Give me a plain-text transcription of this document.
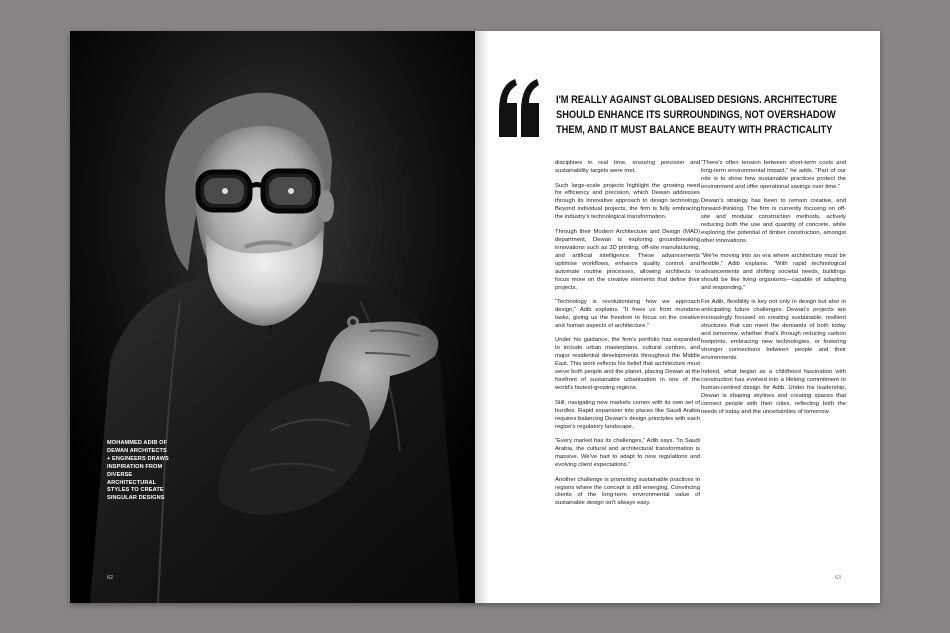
MOHAMMED ADIB OF DEWAN ARCHITECTS + ENGINEERS DRAWS INSPIRATION FROM DIVERSE ARCHITECTURAL STYLES TO CREATE SINGULAR DESIGNS
62
I'M REALLY AGAINST GLOBALISED DESIGNS. ARCHITECTURE SHOULD ENHANCE ITS SURROUNDINGS, NOT OVERSHADOW THEM, AND IT MUST BALANCE BEAUTY WITH PRACTICALITY

disciplines in real time, ensuring precision and sustainability targets were met.

Such large-scale projects highlight the growing need for efficiency and precision, which Dewan addresses through its innovative approach to design technology. Beyond individual projects, the firm is fully embracing the industry's technological transformation.

Through their Modern Architecture and Design (MAD) department, Dewan is exploring groundbreaking innovations such as 3D printing, off-site manufacturing, and artificial intelligence. These advancements optimise workflows, enhance quality control, and automate routine processes, allowing architects to focus more on the creative elements that define their projects.

“Technology is revolutionising how we approach design,” Adib explains. “It frees us from mundane tasks, giving us the freedom to focus on the creative and human aspects of architecture.”

Under his guidance, the firm's portfolio has expanded to include urban masterplans, cultural centres, and major residential developments throughout the Middle East. This work reflects his belief that architecture must serve both people and the planet, placing Dewan at the forefront of sustainable urbanisation in one of the world's fastest-growing regions.

Still, navigating new markets comes with its own set of hurdles. Rapid expansion into places like Saudi Arabia requires balancing Dewan's design principles with each region's regulatory landscape.

“Every market has its challenges,” Adib says. “In Saudi Arabia, the cultural and architectural transformation is massive. We've had to adapt to new regulations and evolving client expectations.”

Another challenge is promoting sustainable practices in regions where the concept is still emerging. Convincing clients of the long-term environmental value of sustainable design isn't always easy.

“There's often tension between short-term costs and long-term environmental impact,” he adds. “Part of our role is to show how sustainable practices protect the environment and offer operational savings over time.”

Dewan's strategy has been to remain creative, and forward-thinking. The firm is currently focusing on off-site and modular construction methods, actively reducing both the use and quantity of concrete, while exploring the potential of timber construction, amongst other innovations.

“We're moving into an era where architecture must be flexible,” Adib explains. “With rapid technological advancements and shifting societal needs, buildings should be like living organisms—capable of adapting and responding.”

For Adib, flexibility is key not only in design but also in anticipating future challenges. Dewan's projects are increasingly focused on creating sustainable, resilient structures that can meet the demands of both today and tomorrow, whether that's through reducing carbon footprints, embracing new technologies, or fostering stronger connections between people and their environments.

Indeed, what began as a childhood fascination with construction has evolved into a lifelong commitment to human-centred design for Adib. Under his leadership, Dewan is shaping skylines and creating spaces that connect people with their cities, reflecting both the needs of today and the uncertainties of tomorrow.

63
